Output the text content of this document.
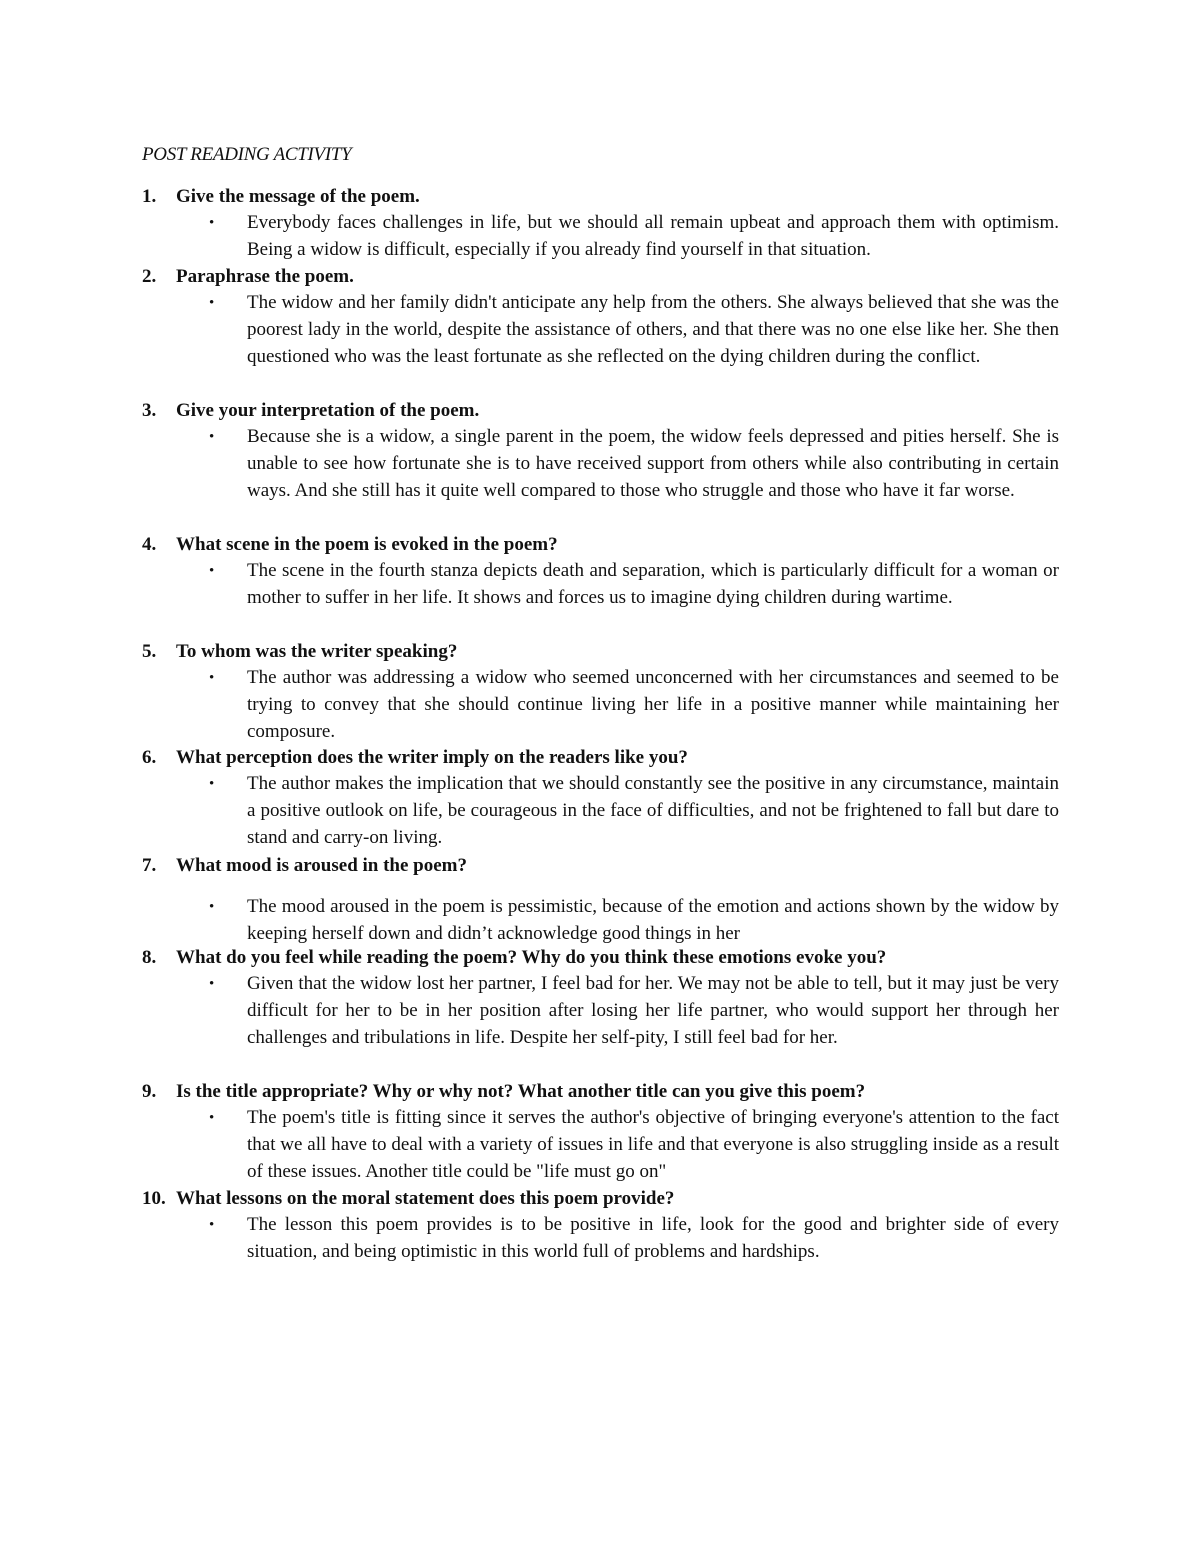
POST READING ACTIVITY
1. Give the message of the poem.
• Everybody faces challenges in life, but we should all remain upbeat and approach them with optimism. Being a widow is difficult, especially if you already find yourself in that situation.
2. Paraphrase the poem.
• The widow and her family didn't anticipate any help from the others. She always believed that she was the poorest lady in the world, despite the assistance of others, and that there was no one else like her. She then questioned who was the least fortunate as she reflected on the dying children during the conflict.
3. Give your interpretation of the poem.
• Because she is a widow, a single parent in the poem, the widow feels depressed and pities herself. She is unable to see how fortunate she is to have received support from others while also contributing in certain ways. And she still has it quite well compared to those who struggle and those who have it far worse.
4. What scene in the poem is evoked in the poem?
• The scene in the fourth stanza depicts death and separation, which is particularly difficult for a woman or mother to suffer in her life. It shows and forces us to imagine dying children during wartime.
5. To whom was the writer speaking?
• The author was addressing a widow who seemed unconcerned with her circumstances and seemed to be trying to convey that she should continue living her life in a positive manner while maintaining her composure.
6. What perception does the writer imply on the readers like you?
• The author makes the implication that we should constantly see the positive in any circumstance, maintain a positive outlook on life, be courageous in the face of difficulties, and not be frightened to fall but dare to stand and carry-on living.
7. What mood is aroused in the poem?
• The mood aroused in the poem is pessimistic, because of the emotion and actions shown by the widow by keeping herself down and didn’t acknowledge good things in her
8. What do you feel while reading the poem? Why do you think these emotions evoke you?
• Given that the widow lost her partner, I feel bad for her. We may not be able to tell, but it may just be very difficult for her to be in her position after losing her life partner, who would support her through her challenges and tribulations in life. Despite her self-pity, I still feel bad for her.
9. Is the title appropriate? Why or why not? What another title can you give this poem?
• The poem's title is fitting since it serves the author's objective of bringing everyone's attention to the fact that we all have to deal with a variety of issues in life and that everyone is also struggling inside as a result of these issues. Another title could be "life must go on"
10. What lessons on the moral statement does this poem provide?
• The lesson this poem provides is to be positive in life, look for the good and brighter side of every situation, and being optimistic in this world full of problems and hardships.
